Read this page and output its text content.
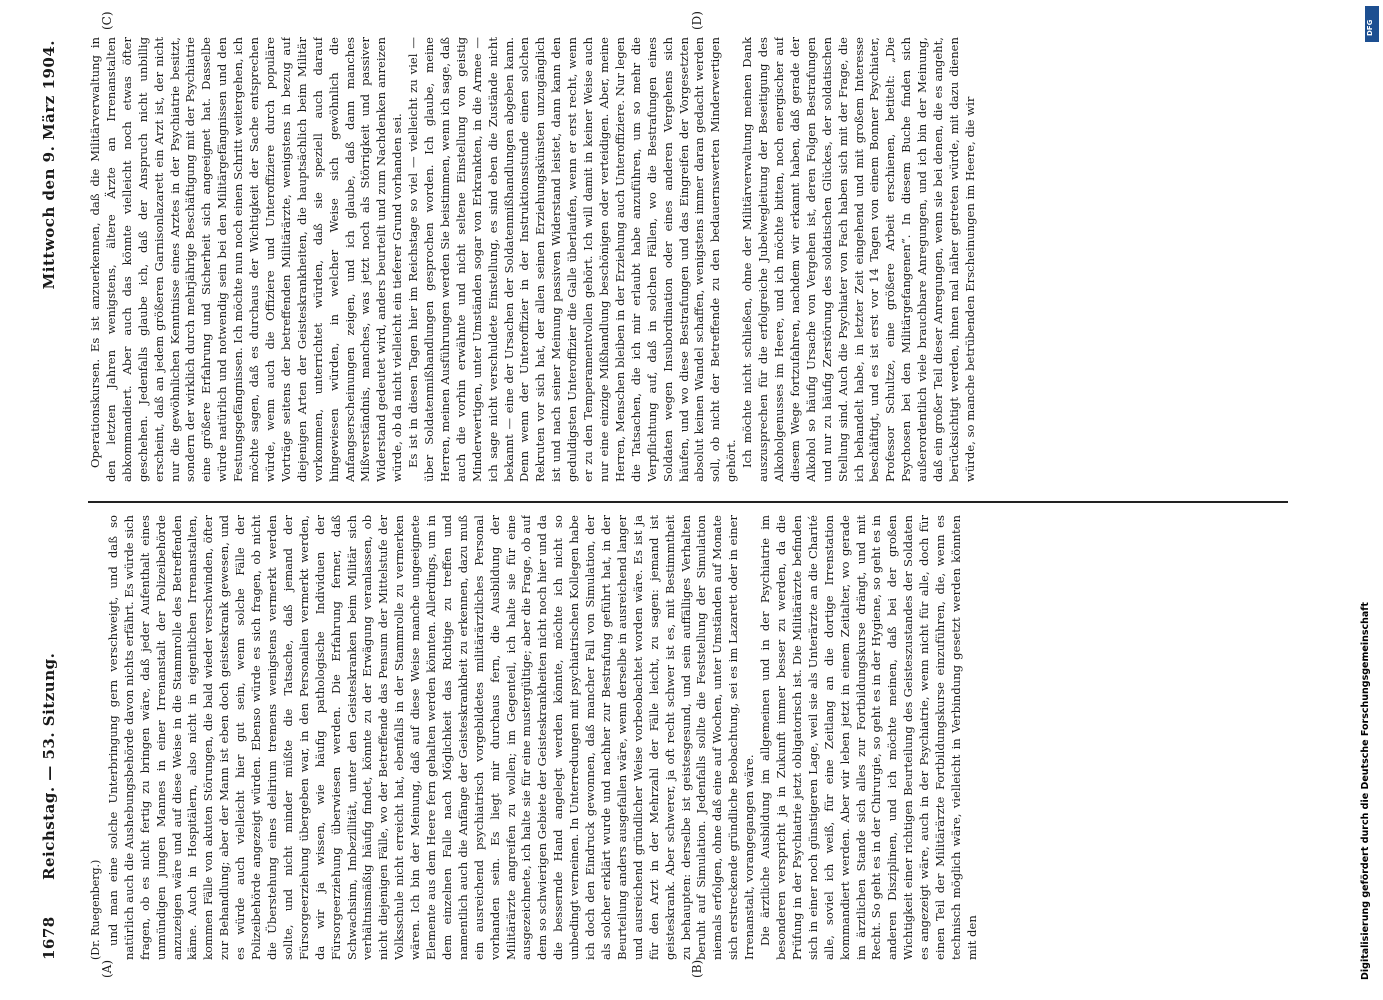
1678
Reichstag. — 53. Sitzung.
Mittwoch den 9. März 1904.
(A)	(B)
(C)	(D)
(Dr. Ruegenberg.) und man eine solche Unterbringung gern verschweigt, und daß so natürlich auch die Aushebungsbehörde davon nichts erfährt. Es würde sich fragen, ob es nicht fertig zu bringen wäre, daß jeder Aufenthalt eines unmündigen jungen Mannes in einer Irrenanstalt der Polizeibehörde anzuzeigen wäre und auf diese Weise in die Stammrolle des Betreffenden käme. Auch in Hospitälern, also nicht in eigentlichen Irrenanstalten, kommen Fälle von akuten Störungen, die bald wieder verschwinden, öfter zur Behandlung; aber der Mann ist eben doch geisteskrank gewesen, und es würde auch vielleicht hier gut sein, wenn solche Fälle der Polizeibehörde angezeigt würden. Ebenso würde es sich fragen, ob nicht die Überstehung eines delirium tremens wenigstens vermerkt werden sollte, und nicht minder müßte die Tatsache, daß jemand der Fürsorgeerziehung übergeben war, in den Personalien vermerkt werden, da wir ja wissen, wie häufig pathologische Individuen der Fürsorgeerziehung überwiesen werden. Die Erfahrung ferner, daß Schwachsinn, Imbezillität, unter den Geisteskranken beim Militär sich verhältnismäßig häufig findet, könnte zu der Erwägung veranlassen, ob nicht diejenigen Fälle, wo der Betreffende das Pensum der Mittelstufe der Volksschule nicht erreicht hat, ebenfalls in der Stammrolle zu vermerken wären. Ich bin der Meinung, daß auf diese Weise manche ungeeignete Elemente aus dem Heere fern gehalten werden könnten. Allerdings, um in dem einzelnen Falle nach Möglichkeit das Richtige zu treffen und namentlich auch die Anfänge der Geisteskrankheit zu erkennen, dazu muß ein ausreichend psychiatrisch vorgebildetes militärärztliches Personal vorhanden sein. Es liegt mir durchaus fern, die Ausbildung der Militärärzte angreifen zu wollen; im Gegenteil, ich halte sie für eine ausgezeichnete, ich halte sie für eine mustergültige; aber die Frage, ob auf dem so schwierigen Gebiete der Geisteskrankheiten nicht noch hier und da die bessernde Hand angelegt werden könnte, möchte ich nicht so unbedingt verneinen. In Unterredungen mit psychiatrischen Kollegen habe ich doch den Eindruck gewonnen, daß mancher Fall von Simulation, der als solcher erklärt wurde und nachher zur Bestrafung geführt hat, in der Beurteilung anders ausgefallen wäre, wenn derselbe in ausreichend langer und ausreichend gründlicher Weise vorbeobachtet worden wäre. Es ist ja für den Arzt in der Mehrzahl der Fälle leicht, zu sagen: jemand ist geisteskrank. Aber schwerer, ja oft recht schwer ist es, mit Bestimmtheit zu behaupten: derselbe ist geistesgesund, und sein auffälliges Verhalten beruht auf Simulation. Jedenfalls sollte die Feststellung der Simulation niemals erfolgen, ohne daß eine auf Wochen, unter Umständen auf Monate sich erstreckende gründliche Beobachtung, sei es im Lazarett oder in einer Irrenanstalt, vorangegangen wäre. Die ärztliche Ausbildung im allgemeinen und in der Psychiatrie im besonderen verspricht ja in Zukunft immer besser zu werden, da die Prüfung in der Psychiatrie jetzt obligatorisch ist. Die Militärärzte befinden sich in einer noch günstigeren Lage, weil sie als Unterärzte an die Charité alle, soviel ich weiß, für eine Zeitlang an die dortige Irrenstation kommandiert werden. Aber wir leben jetzt in einem Zeitalter, wo gerade im ärztlichen Stande sich alles zur Fortbildungskurse drängt, und mit Recht. So geht es in der Chirurgie, so geht es in der Hygiene, so geht es in anderen Disziplinen, und ich möchte meinen, daß bei der großen Wichtigkeit einer richtigen Beurteilung des Geisteszustandes der Soldaten es angezeigt wäre, auch in der Psychiatrie, wenn nicht für alle, doch für einen Teil der Militärärzte Fortbildungskurse einzuführen, die, wenn es technisch möglich wäre, vielleicht in Verbindung gesetzt werden könnten mit den

Operationskursen. Es ist anzuerkennen, daß die Militärverwaltung in den letzten Jahren wenigstens, ältere Ärzte an Irrenanstalten abkommandiert. Aber auch das könnte vielleicht noch etwas öfter geschehen. Jedenfalls glaube ich, daß der Anspruch nicht unbillig erscheint, daß an jedem größeren Garnisonlazarett ein Arzt ist, der nicht nur die gewöhnlichen Kenntnisse eines Arztes in der Psychiatrie besitzt, sondern der wirklich durch mehrjährige Beschäftigung mit der Psychiatrie eine größere Erfahrung und Sicherheit sich angeeignet hat. Dasselbe würde natürlich und notwendig sein bei den Militärgefängnissen und den Festungsgefängnissen. Ich möchte nun noch einen Schritt weitergehen, ich möchte sagen, daß es durchaus der Wichtigkeit der Sache entsprechen würde, wenn auch die Offiziere und Unteroffiziere durch populäre Vorträge seitens der betreffenden Militärärzte, wenigstens in bezug auf diejenigen Arten der Geisteskrankheiten, die hauptsächlich beim Militär vorkommen, unterrichtet würden, daß sie speziell auch darauf hingewiesen würden, in welcher Weise sich gewöhnlich die Anfangserscheinungen zeigen, und ich glaube, daß dann manches Mißverständnis, manches, was jetzt noch als Störrigkeit und passiver Widerstand gedeutet wird, anders beurteilt und zum Nachdenken anreizen würde, ob da nicht vielleicht ein tieferer Grund vorhanden sei. Es ist in diesen Tagen hier im Reichstage so viel — vielleicht zu viel — über Soldatenmißhandlungen gesprochen worden. Ich glaube, meine Herren, meinen Ausführungen werden Sie beistimmen, wenn ich sage, daß auch die vorhin erwähnte und nicht seltene Einstellung von geistig Minderwertigen, unter Umständen sogar von Erkrankten, in die Armee — ich sage nicht verschuldete Einstellung, es sind eben die Zustände nicht bekannt — eine der Ursachen der Soldatenmißhandlungen abgeben kann. Denn wenn der Unteroffizier in der Instruktionsstunde einen solchen Rekruten vor sich hat, der allen seinen Erziehungskünsten unzugänglich ist und nach seiner Meinung passiven Widerstand leistet, dann kann den geduldigsten Unteroffizier die Galle überlaufen, wenn er erst recht, wenn er zu den Temperamentvollen gehört. Ich will damit in keiner Weise auch nur eine einzige Mißhandlung beschönigen oder verteidigen. Aber, meine Herren, Menschen bleiben in der Erziehung auch Unteroffiziere. Nur legen die Tatsachen, die ich mir erlaubt habe anzuführen, um so mehr die Verpflichtung auf, daß in solchen Fällen, wo die Bestrafungen eines Soldaten wegen Insubordination oder eines anderen Vergehens sich häufen, und wo diese Bestrafungen und das Eingreifen der Vorgesetzten absolut keinen Wandel schaffen, wenigstens immer daran gedacht werden soll, ob nicht der Betreffende zu den bedauernswerten Minderwertigen gehört. Ich möchte nicht schließen, ohne der Militärverwaltung meinen Dank auszusprechen für die erfolgreiche Jubelwegleitung der Beseitigung des Alkoholgenusses im Heere, und ich möchte bitten, noch energischer auf diesem Wege fortzufahren, nachdem wir erkannt haben, daß gerade der Alkohol so häufig Ursache von Vergehen ist, deren Folgen Bestrafungen und nur zu häufig Zerstörung des soldatischen Glückes, der soldatischen Stellung sind. Auch die Psychiater von Fach haben sich mit der Frage, die ich behandelt habe, in letzter Zeit eingehend und mit großem Interesse beschäftigt, und es ist erst vor 14 Tagen von einem Bonner Psychiater, Professor Schultze, eine größere Arbeit erschienen, betitelt: „Die Psychosen bei den Militärgefangenen“. In diesem Buche finden sich außerordentlich viele brauchbare Anregungen, und ich bin der Meinung, daß ein großer Teil dieser Anregungen, wenn sie bei denen, die es angeht, berücksichtigt werden, ihnen mal näher getreten würde, mit dazu dienen würde, so manche betrübenden Erscheinungen im Heere, die wir

DFG
Digitalisierung gefördert durch die Deutsche Forschungsgemeinschaft
